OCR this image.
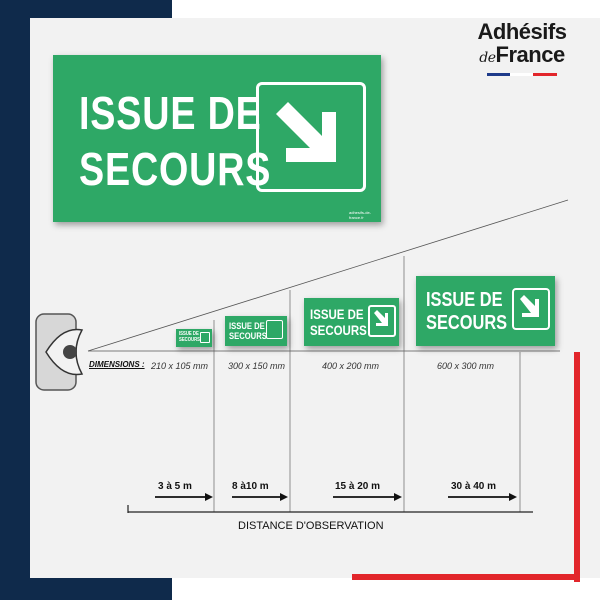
Adhésifs
deFrance
ISSUE DE
SECOURS
adhesifs-de-france.fr
ISSUE DE
SECOURS
ISSUE DE
SECOURS
ISSUE DE
SECOURS
ISSUE DE
SECOURS
DIMENSIONS : 210 x 105 mm 300 x 150 mm	400 x 200 mm	600 x 300 mm
3 à 5 m	8 à10 m	15 à 20 m	30 à 40 m
DISTANCE D'OBSERVATION
